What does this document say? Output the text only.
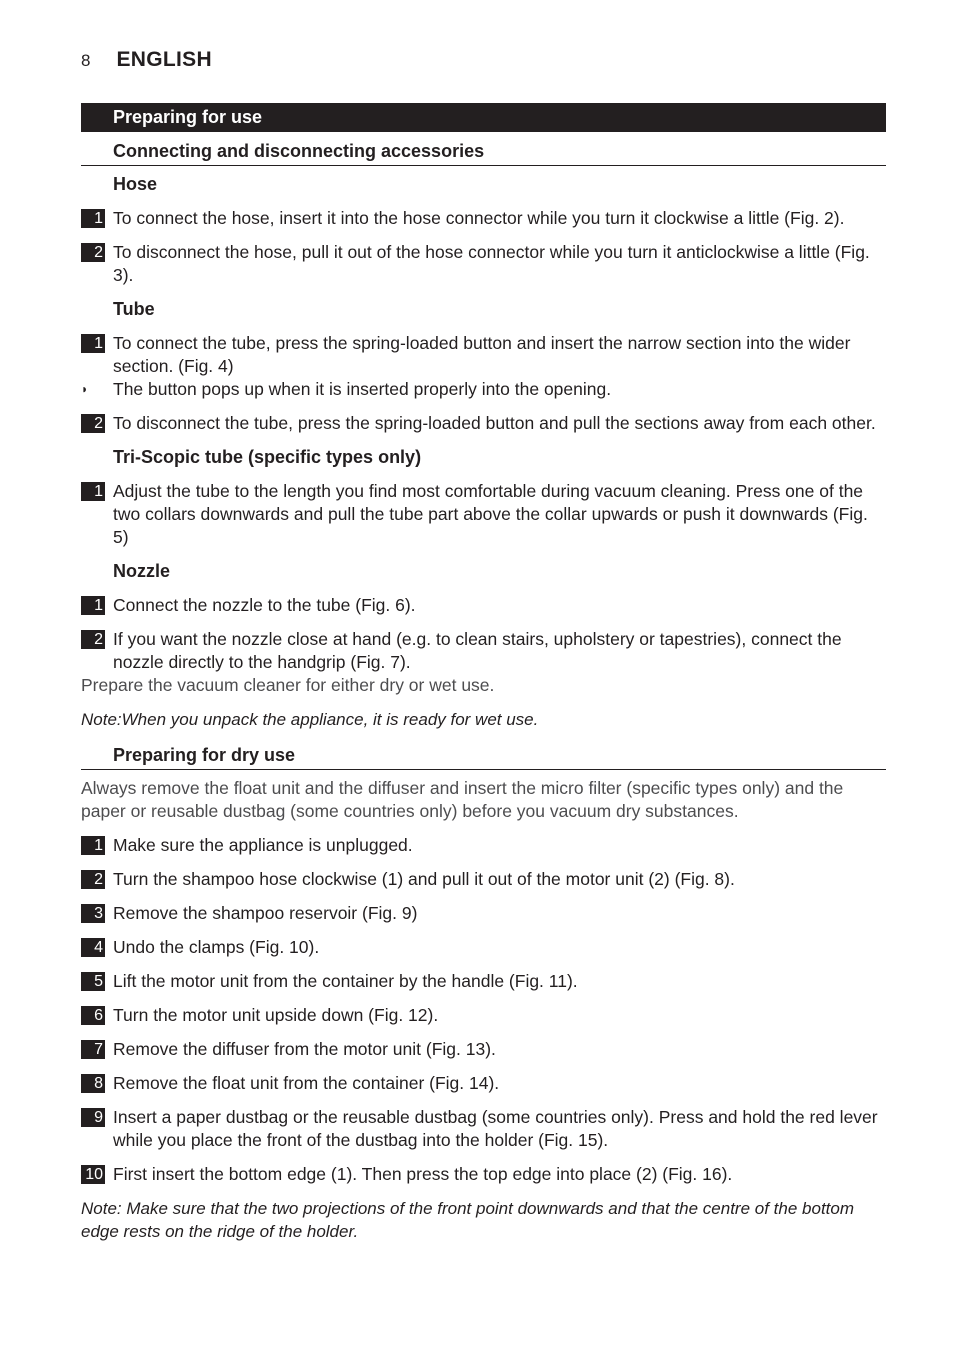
8 ENGLISH
Preparing for use
Connecting and disconnecting accessories
Hose
1 To connect the hose, insert it into the hose connector while you turn it clockwise a little (Fig. 2).
2 To disconnect the hose, pull it out of the hose connector while you turn it anticlockwise a little (Fig. 3).
Tube
1 To connect the tube, press the spring-loaded button and insert the narrow section into the wider section. (Fig. 4)
◗	The button pops up when it is inserted properly into the opening.
2 To disconnect the tube, press the spring-loaded button and pull the sections away from each other.
Tri-Scopic tube (specific types only)
1 Adjust the tube to the length you find most comfortable during vacuum cleaning. Press one of the two collars downwards and pull the tube part above the collar upwards or push it downwards (Fig. 5)
Nozzle
1 Connect the nozzle to the tube (Fig. 6).
2 If you want the nozzle close at hand (e.g. to clean stairs, upholstery or tapestries), connect the nozzle directly to the handgrip (Fig. 7).
Prepare the vacuum cleaner for either dry or wet use.
Note:When you unpack the appliance, it is ready for wet use.
Preparing for dry use
Always remove the float unit and the diffuser and insert the micro filter (specific types only) and the paper or reusable dustbag (some countries only) before you vacuum dry substances.
1 Make sure the appliance is unplugged.
2 Turn the shampoo hose clockwise (1) and pull it out of the motor unit (2) (Fig. 8).
3 Remove the shampoo reservoir (Fig. 9)
4 Undo the clamps (Fig. 10).
5 Lift the motor unit from the container by the handle (Fig. 11).
6 Turn the motor unit upside down (Fig. 12).
7 Remove the diffuser from the motor unit (Fig. 13).
8 Remove the float unit from the container (Fig. 14).
9 Insert a paper dustbag or the reusable dustbag (some countries only). Press and hold the red lever while you place the front of the dustbag into the holder (Fig. 15).
10 First insert the bottom edge (1). Then press the top edge into place (2) (Fig. 16).
Note: Make sure that the two projections of the front point downwards and that the centre of the bottom edge rests on the ridge of the holder.
